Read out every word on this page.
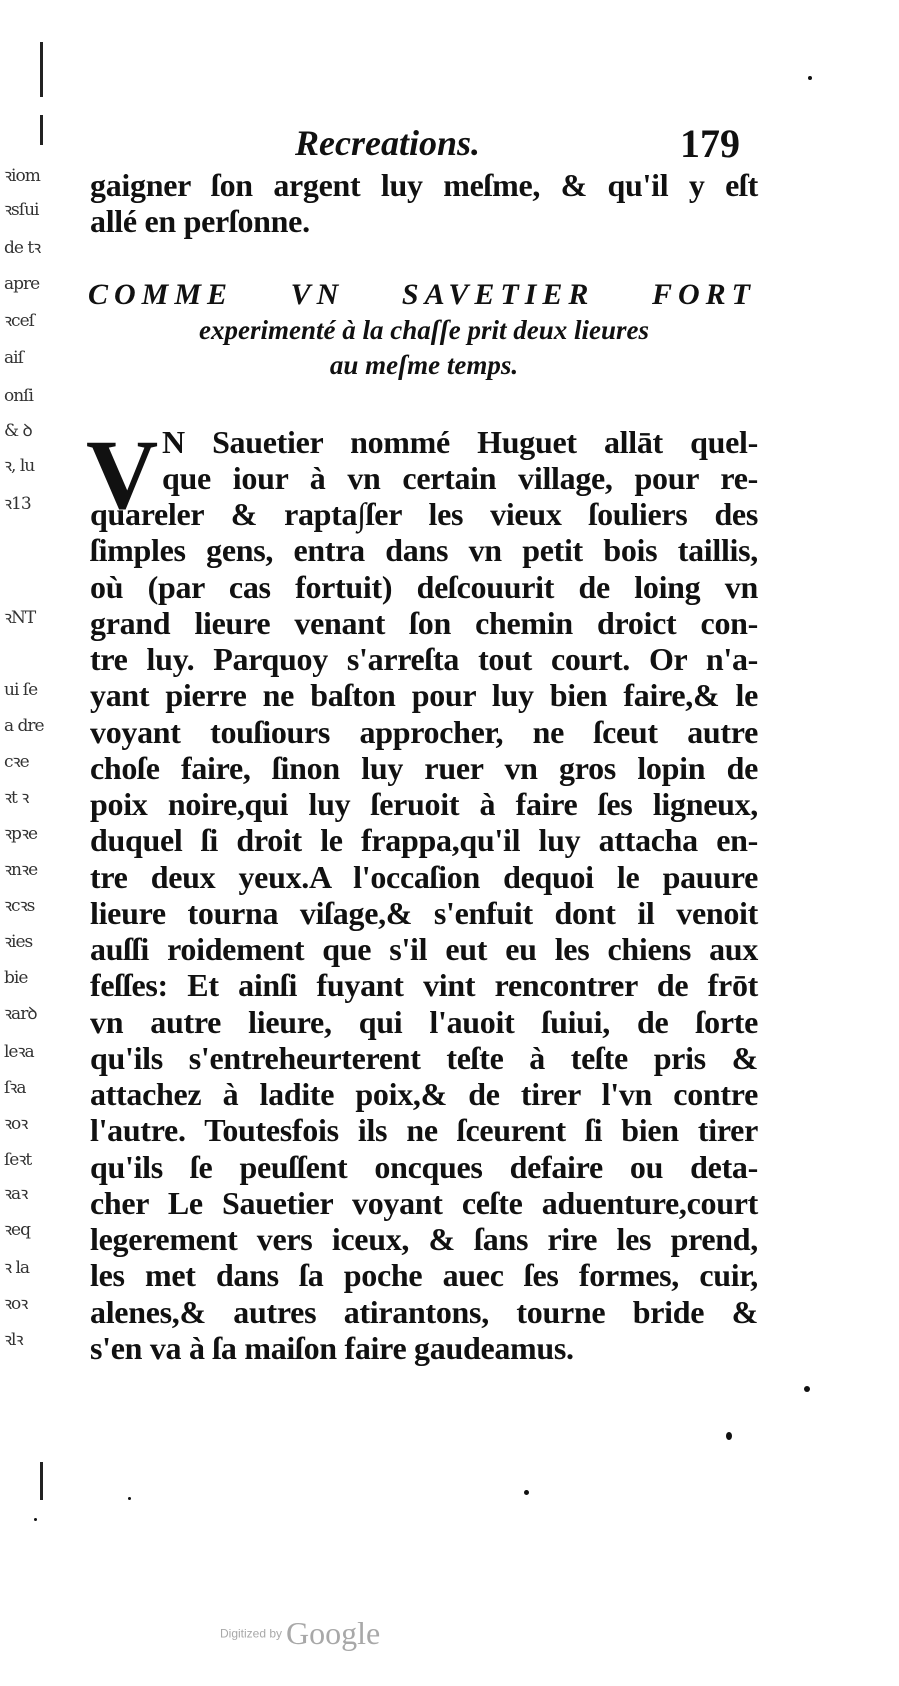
ꝛiom
ꝛsſui
de tꝛ
apre
ꝛceſ
aiſ
onſi
& ꝺ
ꝛ, lu
ꝛ13
ꝛNT
ui ſe
a dre
cꝛe
ꝛt ꝛ
ꝛpꝛe
ꝛnꝛe
ꝛcꝛs
ꝛies
bie
ꝛarꝺ
leꝛa
ſꝛa
ꝛoꝛ
ſeꝛt
ꝛaꝛ
ꝛeq
ꝛ la
ꝛoꝛ
ꝛlꝛ
Recreations.	179
gaigner ſon argent luy meſme, & qu'il y eſt
allé en perſonne.
COMME VN SAVETIER FORT
experimenté à la chaſſe prit deux lieures
au meſme temps.
V N Sauetier nommé Huguet allāt quel-
que iour à vn certain village, pour re-
quareler & rapta∫ſer les vieux ſouliers des
ſimples gens, entra dans vn petit bois taillis,
où (par cas fortuit) deſcouurit de loing vn
grand lieure venant ſon chemin droict con-
tre luy. Parquoy s'arreſta tout court. Or n'a-
yant pierre ne baſton pour luy bien faire,& le
voyant touſiours approcher, ne ſceut autre
choſe faire, ſinon luy ruer vn gros lopin de
poix noire,qui luy ſeruoit à faire ſes ligneux,
duquel ſi droit le frappa,qu'il luy attacha en-
tre deux yeux.A l'occaſion dequoi le pauure
lieure tourna viſage,& s'enfuit dont il venoit
auſſi roidement que s'il eut eu les chiens aux
feſſes: Et ainſi fuyant vint rencontrer de frōt
vn autre lieure, qui l'auoit ſuiui, de ſorte
qu'ils s'entreheurterent teſte à teſte pris &
attachez à ladite poix,& de tirer l'vn contre
l'autre. Toutesfois ils ne ſceurent ſi bien tirer
qu'ils ſe peuſſent oncques defaire ou deta-
cher Le Sauetier voyant ceſte aduenture,court
legerement vers iceux, & ſans rire les prend,
les met dans ſa poche auec ſes formes, cuir,
alenes,& autres atirantons, tourne bride &
s'en va à ſa maiſon faire gaudeamus.
Digitized by Google
